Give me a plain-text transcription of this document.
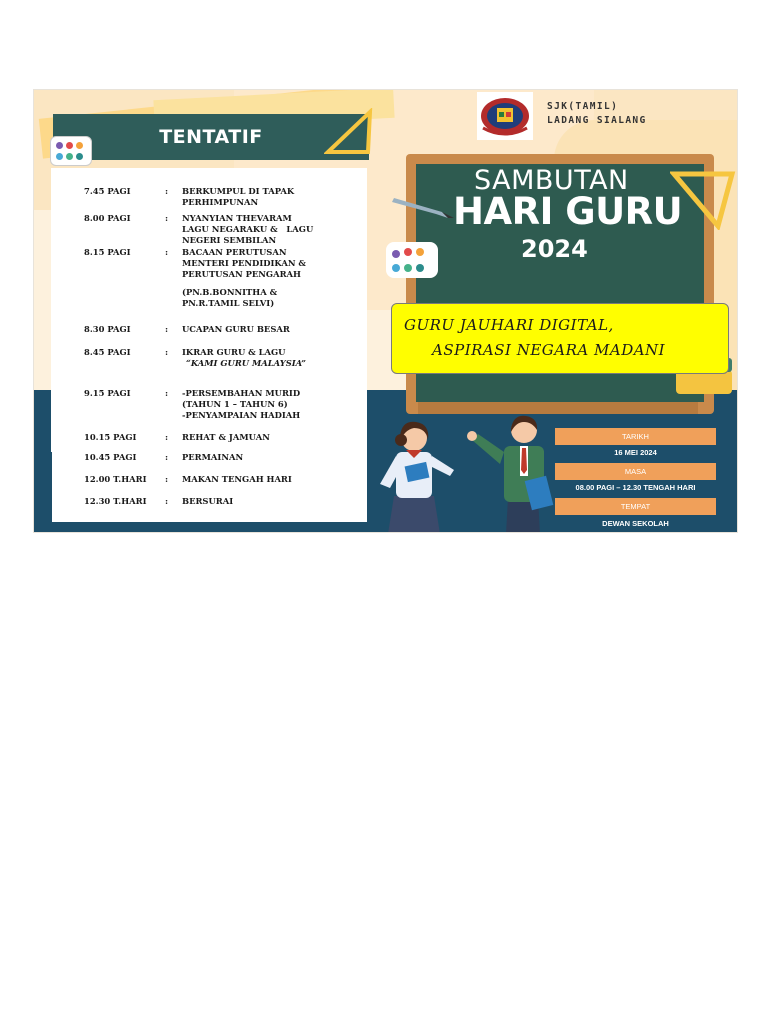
SAMBUTAN
HARI GURU
2024
SJK(TAMIL)
LADANG SIALANG
GURU JAUHARI DIGITAL,
ASPIRASI NEGARA MADANI
TENTATIF
7.45 PAGI	: BERKUMPUL DI TAPAK
PERHIMPUNAN
8.00 PAGI	: NYANYIAN THEVARAM
LAGU NEGARAKU &   LAGU
NEGERI SEMBILAN
8.15 PAGI	: BACAAN PERUTUSAN
MENTERI PENDIDIKAN &
PERUTUSAN PENGARAH
(PN.B.BONNITHA &
PN.R.TAMIL SELVI)
8.30 PAGI	: UCAPAN GURU BESAR
8.45 PAGI	: IKRAR GURU & LAGU
“KAMI GURU MALAYSIA”
9.15 PAGI	: -PERSEMBAHAN MURID
(TAHUN 1 – TAHUN 6)
-PENYAMPAIAN HADIAH
10.15 PAGI	: REHAT & JAMUAN
10.45 PAGI	: PERMAINAN
12.00 T.HARI : MAKAN TENGAH HARI
12.30 T.HARI : BERSURAI
TARIKH
16 MEI 2024
MASA
08.00 PAGI – 12.30 TENGAH HARI
TEMPAT
DEWAN SEKOLAH
